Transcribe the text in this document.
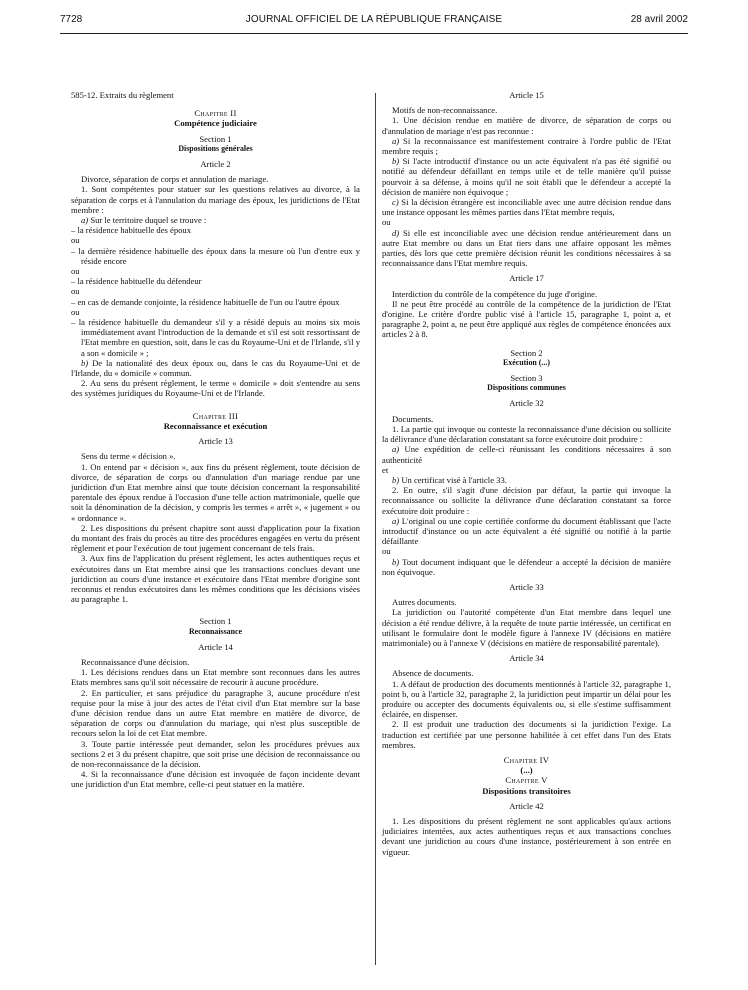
7728	JOURNAL OFFICIEL DE LA RÉPUBLIQUE FRANÇAISE	28 avril 2002

585-12. Extraits du règlement

Chapitre II

Compétence judiciaire

Section 1

Dispositions générales

Article 2

Divorce, séparation de corps et annulation de mariage.

1. Sont compétentes pour statuer sur les questions relatives au divorce, à la séparation de corps et à l'annulation du mariage des époux, les juridictions de l'Etat membre :

a) Sur le territoire duquel se trouve :

– la résidence habituelle des époux

ou

– la dernière résidence habituelle des époux dans la mesure où l'un d'entre eux y réside encore

ou

– la résidence habituelle du défendeur

ou

– en cas de demande conjointe, la résidence habituelle de l'un ou l'autre époux

ou

– la résidence habituelle du demandeur s'il y a résidé depuis au moins six mois immédiatement avant l'introduction de la demande et s'il est soit ressortissant de l'Etat membre en question, soit, dans le cas du Royaume-Uni et de l'Irlande, s'il y a son « domicile » ;

b) De la nationalité des deux époux ou, dans le cas du Royaume-Uni et de l'Irlande, du « domicile » commun.

2. Au sens du présent règlement, le terme « domicile » doit s'entendre au sens des systèmes juridiques du Royaume-Uni et de l'Irlande.

Chapitre III

Reconnaissance et exécution

Article 13

Sens du terme « décision ».

1. On entend par « décision », aux fins du présent règlement, toute décision de divorce, de séparation de corps ou d'annulation d'un mariage rendue par une juridiction d'un Etat membre ainsi que toute décision concernant la responsabilité parentale des époux rendue à l'occasion d'une telle action matrimoniale, quelle que soit la dénomination de la décision, y compris les termes « arrêt », « jugement » ou « ordonnance ».

2. Les dispositions du présent chapitre sont aussi d'application pour la fixation du montant des frais du procès au titre des procédures engagées en vertu du présent règlement et pour l'exécution de tout jugement concernant de tels frais.

3. Aux fins de l'application du présent règlement, les actes authentiques reçus et exécutoires dans un Etat membre ainsi que les transactions conclues devant une juridiction au cours d'une instance et exécutoire dans l'Etat membre d'origine sont reconnus et rendus exécutoires dans les mêmes conditions que les décisions visées au paragraphe 1.

Section 1

Reconnaissance

Article 14

Reconnaissance d'une décision.

1. Les décisions rendues dans un Etat membre sont reconnues dans les autres Etats membres sans qu'il soit nécessaire de recourir à aucune procédure.

2. En particulier, et sans préjudice du paragraphe 3, aucune procédure n'est requise pour la mise à jour des actes de l'état civil d'un Etat membre sur la base d'une décision rendue dans un autre Etat membre en matière de divorce, de séparation de corps ou d'annulation du mariage, qui n'est plus susceptible de recours selon la loi de cet Etat membre.

3. Toute partie intéressée peut demander, selon les procédures prévues aux sections 2 et 3 du présent chapitre, que soit prise une décision de reconnaissance ou de non-reconnaissance de la décision.

4. Si la reconnaissance d'une décision est invoquée de façon incidente devant une juridiction d'un Etat membre, celle-ci peut statuer en la matière.

Article 15

Motifs de non-reconnaissance.

1. Une décision rendue en matière de divorce, de séparation de corps ou d'annulation de mariage n'est pas reconnue :

a) Si la reconnaissance est manifestement contraire à l'ordre public de l'Etat membre requis ;

b) Si l'acte introductif d'instance ou un acte équivalent n'a pas été signifié ou notifié au défendeur défaillant en temps utile et de telle manière qu'il puisse pourvoir à sa défense, à moins qu'il ne soit établi que le défendeur a accepté la décision de manière non équivoque ;

c) Si la décision étrangère est inconciliable avec une autre décision rendue dans une instance opposant les mêmes parties dans l'Etat membre requis,

ou

d) Si elle est inconciliable avec une décision rendue antérieurement dans un autre Etat membre ou dans un Etat tiers dans une affaire opposant les mêmes parties, dès lors que cette première décision réunit les conditions nécessaires à sa reconnaissance dans l'Etat membre requis.

Article 17

Interdiction du contrôle de la compétence du juge d'origine.

Il ne peut être procédé au contrôle de la compétence de la juridiction de l'Etat d'origine. Le critère d'ordre public visé à l'article 15, paragraphe 1, point a, et paragraphe 2, point a, ne peut être appliqué aux règles de compétence énoncées aux articles 2 à 8.

Section 2

Exécution (...)

Section 3

Dispositions communes

Article 32

Documents.

1. La partie qui invoque ou conteste la reconnaissance d'une décision ou sollicite la délivrance d'une déclaration constatant sa force exécutoire doit produire :

a) Une expédition de celle-ci réunissant les conditions nécessaires à son authenticité

et

b) Un certificat visé à l'article 33.

2. En outre, s'il s'agit d'une décision par défaut, la partie qui invoque la reconnaissance ou sollicite la délivrance d'une déclaration constatant sa force exécutoire doit produire :

a) L'original ou une copie certifiée conforme du document établissant que l'acte introductif d'instance ou un acte équivalent a été signifié ou notifié à la partie défaillante

ou

b) Tout document indiquant que le défendeur a accepté la décision de manière non équivoque.

Article 33

Autres documents.

La juridiction ou l'autorité compétente d'un Etat membre dans lequel une décision a été rendue délivre, à la requête de toute partie intéressée, un certificat en utilisant le formulaire dont le modèle figure à l'annexe IV (décisions en matière matrimoniale) ou à l'annexe V (décisions en matière de responsabilité parentale).

Article 34

Absence de documents.

1. A défaut de production des documents mentionnés à l'article 32, paragraphe 1, point b, ou à l'article 32, paragraphe 2, la juridiction peut impartir un délai pour les produire ou accepter des documents équivalents ou, si elle s'estime suffisamment éclairée, en dispenser.

2. Il est produit une traduction des documents si la juridiction l'exige. La traduction est certifiée par une personne habilitée à cet effet dans l'un des Etats membres.

Chapitre IV

(...)

Chapitre V

Dispositions transitoires

Article 42

1. Les dispositions du présent règlement ne sont applicables qu'aux actions judiciaires intentées, aux actes authentiques reçus et aux transactions conclues devant une juridiction au cours d'une instance, postérieurement à son entrée en vigueur.
